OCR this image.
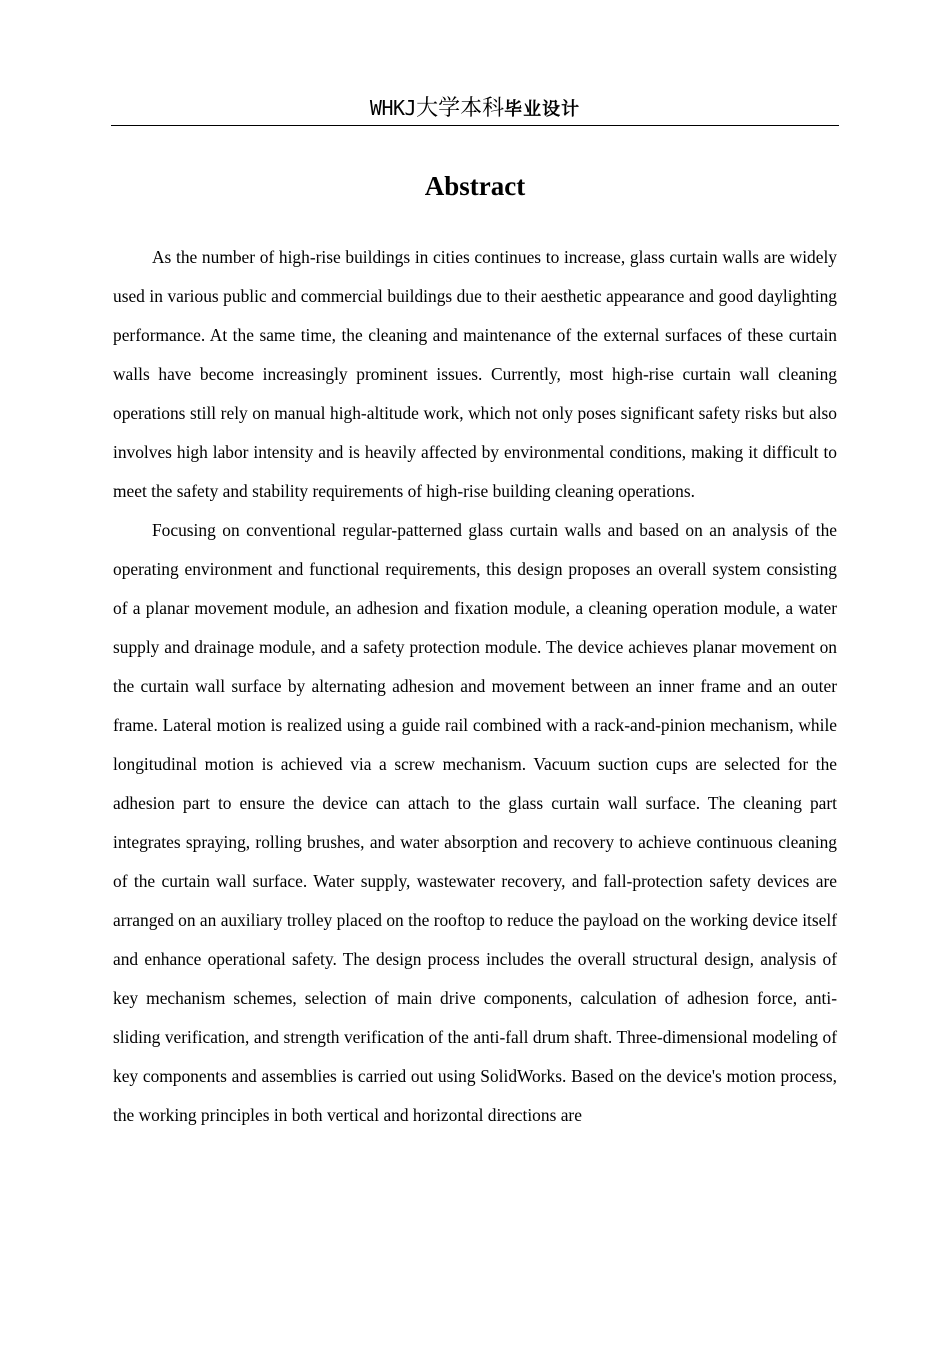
WHKJ大学本科毕业设计
Abstract

As the number of high-rise buildings in cities continues to increase, glass curtain walls are widely used in various public and commercial buildings due to their aesthetic appearance and good daylighting performance. At the same time, the cleaning and maintenance of the external surfaces of these curtain walls have become increasingly prominent issues. Currently, most high-rise curtain wall cleaning operations still rely on manual high-altitude work, which not only poses significant safety risks but also involves high labor intensity and is heavily affected by environmental conditions, making it difficult to meet the safety and stability requirements of high-rise building cleaning operations.

Focusing on conventional regular-patterned glass curtain walls and based on an analysis of the operating environment and functional requirements, this design proposes an overall system consisting of a planar movement module, an adhesion and fixation module, a cleaning operation module, a water supply and drainage module, and a safety protection module. The device achieves planar movement on the curtain wall surface by alternating adhesion and movement between an inner frame and an outer frame. Lateral motion is realized using a guide rail combined with a rack-and-pinion mechanism, while longitudinal motion is achieved via a screw mechanism. Vacuum suction cups are selected for the adhesion part to ensure the device can attach to the glass curtain wall surface. The cleaning part integrates spraying, rolling brushes, and water absorption and recovery to achieve continuous cleaning of the curtain wall surface. Water supply, wastewater recovery, and fall-protection safety devices are arranged on an auxiliary trolley placed on the rooftop to reduce the payload on the working device itself and enhance operational safety. The design process includes the overall structural design, analysis of key mechanism schemes, selection of main drive components, calculation of adhesion force, anti-sliding verification, and strength verification of the anti-fall drum shaft. Three-dimensional modeling of key components and assemblies is carried out using SolidWorks. Based on the device's motion process, the working principles in both vertical and horizontal directions are
